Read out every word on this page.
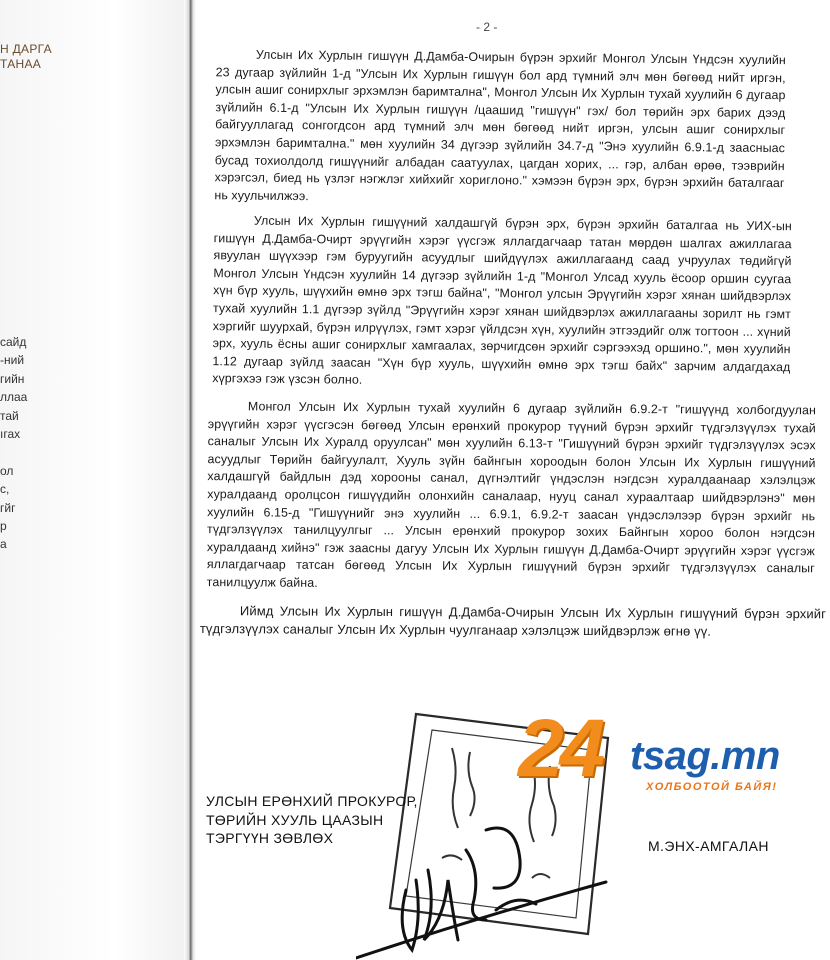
Н ДАРГА
ТАНАА
сайд
-ний
гийн
ллаа
тай
ıгах

ол
с,
гйг
р
а
- 2 -

Улсын Их Хурлын гишүүн Д.Дамба-Очирын бүрэн эрхийг Монгол Улсын Үндсэн хуулийн 23 дугаар зүйлийн 1-д "Улсын Их Хурлын гишүүн бол ард түмний элч мөн бөгөөд нийт иргэн, улсын ашиг сонирхлыг эрхэмлэн баримтална", Монгол Улсын Их Хурлын тухай хуулийн 6 дугаар зүйлийн 6.1-д "Улсын Их Хурлын гишүүн /цаашид "гишүүн" гэх/ бол төрийн эрх барих дээд байгууллагад сонгогдсон ард түмний элч мөн бөгөөд нийт иргэн, улсын ашиг сонирхлыг эрхэмлэн баримтална." мөн хуулийн 34 дүгээр зүйлийн 34.7-д "Энэ хуулийн 6.9.1-д заасныас бусад тохиолдолд гишүүнийг албадан саатуулах, цагдан хорих, ... гэр, албан өрөө, тээврийн хэрэгсэл, биед нь үзлэг нэгжлэг хийхийг хориглоно." хэмээн бүрэн эрх, бүрэн эрхийн баталгааг нь хуульчилжээ.

Улсын Их Хурлын гишүүний халдашгүй бүрэн эрх, бүрэн эрхийн баталгаа нь УИХ-ын гишүүн Д.Дамба-Очирт эрүүгийн хэрэг үүсгэж яллагдагчаар татан мөрдөн шалгах ажиллагаа явуулан шүүхээр гэм буруугийн асуудлыг шийдүүлэх ажиллагаанд саад учруулах төдийгүй Монгол Улсын Үндсэн хуулийн 14 дүгээр зүйлийн 1-д "Монгол Улсад хууль ёсоор оршин суугаа хүн бүр хууль, шүүхийн өмнө эрх тэгш байна", "Монгол улсын Эрүүгийн хэрэг хянан шийдвэрлэх тухай хуулийн 1.1 дүгээр зүйлд "Эрүүгийн хэрэг хянан шийдвэрлэх ажиллагааны зорилт нь гэмт хэргийг шуурхай, бүрэн илрүүлэх, гэмт хэрэг үйлдсэн хүн, хуулийн этгээдийг олж тогтоон ... хүний эрх, хууль ёсны ашиг сонирхлыг хамгаалах, зөрчигдсөн эрхийг сэргээхэд оршино.", мөн хуулийн 1.12 дугаар зүйлд заасан "Хүн бүр хууль, шүүхийн өмнө эрх тэгш байх" зарчим алдагдахад хүргэхээ гэж үзсэн болно.

Монгол Улсын Их Хурлын тухай хуулийн 6 дугаар зүйлийн 6.9.2-т "гишүүнд холбогдуулан эрүүгийн хэрэг үүсгэсэн бөгөөд Улсын ерөнхий прокурор түүний бүрэн эрхийг түдгэлзүүлэх тухай саналыг Улсын Их Хуралд оруулсан" мөн хуулийн 6.13-т "Гишүүний бүрэн эрхийг түдгэлзүүлэх эсэх асуудлыг Төрийн байгуулалт, Хууль зүйн байнгын хороодын болон Улсын Их Хурлын гишүүний халдашгүй байдлын дэд хорооны санал, дүгнэлтийг үндэслэн нэгдсэн хуралдаанаар хэлэлцэж хуралдаанд оролцсон гишүүдийн олонхийн саналаар, нууц санал хураалтаар шийдвэрлэнэ" мөн хуулийн 6.15-д "Гишүүнийг энэ хуулийн ... 6.9.1, 6.9.2-т заасан үндэслэлээр бүрэн эрхийг нь түдгэлзүүлэх танилцуулгыг ... Улсын ерөнхий прокурор зохих Байнгын хороо болон нэгдсэн хуралдаанд хийнэ" гэж заасны дагуу Улсын Их Хурлын гишүүн Д.Дамба-Очирт эрүүгийн хэрэг үүсгэж яллагдагчаар татсан бөгөөд Улсын Их Хурлын гишүүний бүрэн эрхийг түдгэлзүүлэх саналыг танилцуулж байна.

Иймд Улсын Их Хурлын гишүүн Д.Дамба-Очирын Улсын Их Хурлын гишүүний бүрэн эрхийг түдгэлзүүлэх саналыг Улсын Их Хурлын чуулганаар хэлэлцэж шийдвэрлэж өгнө үү.

УЛСЫН ЕРӨНХИЙ ПРОКУРОР,
ТӨРИЙН ХУУЛЬ ЦААЗЫН
ТЭРГҮҮН ЗӨВЛӨХ	М.ЭНХ-АМГАЛАН
24 tsag.mn
ХОЛБООТОЙ БАЙЯ!
